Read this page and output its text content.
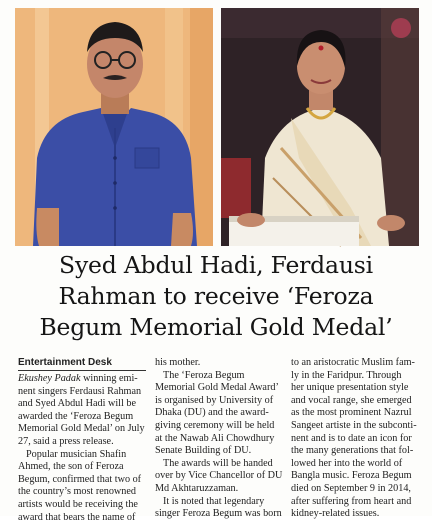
Syed Abdul Hadi, Ferdausi
Rahman to receive ‘Feroza
Begum Memorial Gold Medal’
Entertainment Desk
Ekushey Padak winning emi-
nent singers Ferdausi Rahman
and Syed Abdul Hadi will be
awarded the ‘Feroza Begum
Memorial Gold Medal’ on July
27, said a press release.
Popular musician Shafin
Ahmed, the son of Feroza
Begum, confirmed that two of
the country’s most renowned
artists would be receiving the
award that bears the name of
his mother.
The ‘Feroza Begum
Memorial Gold Medal Award’
is organised by University of
Dhaka (DU) and the award-
giving ceremony will be held
at the Nawab Ali Chowdhury
Senate Building of DU.
The awards will be handed
over by Vice Chancellor of DU
Md Akhtaruzzaman.
It is noted that legendary
singer Feroza Begum was born
to an aristocratic Muslim fam-
ly in the Faridpur. Through
her unique presentation style
and vocal range, she emerged
as the most prominent Nazrul
Sangeet artiste in the subconti-
nent and is to date an icon for
the many generations that fol-
lowed her into the world of
Bangla music. Feroza Begum
died on September 9 in 2014,
after suffering from heart and
kidney-related issues.
